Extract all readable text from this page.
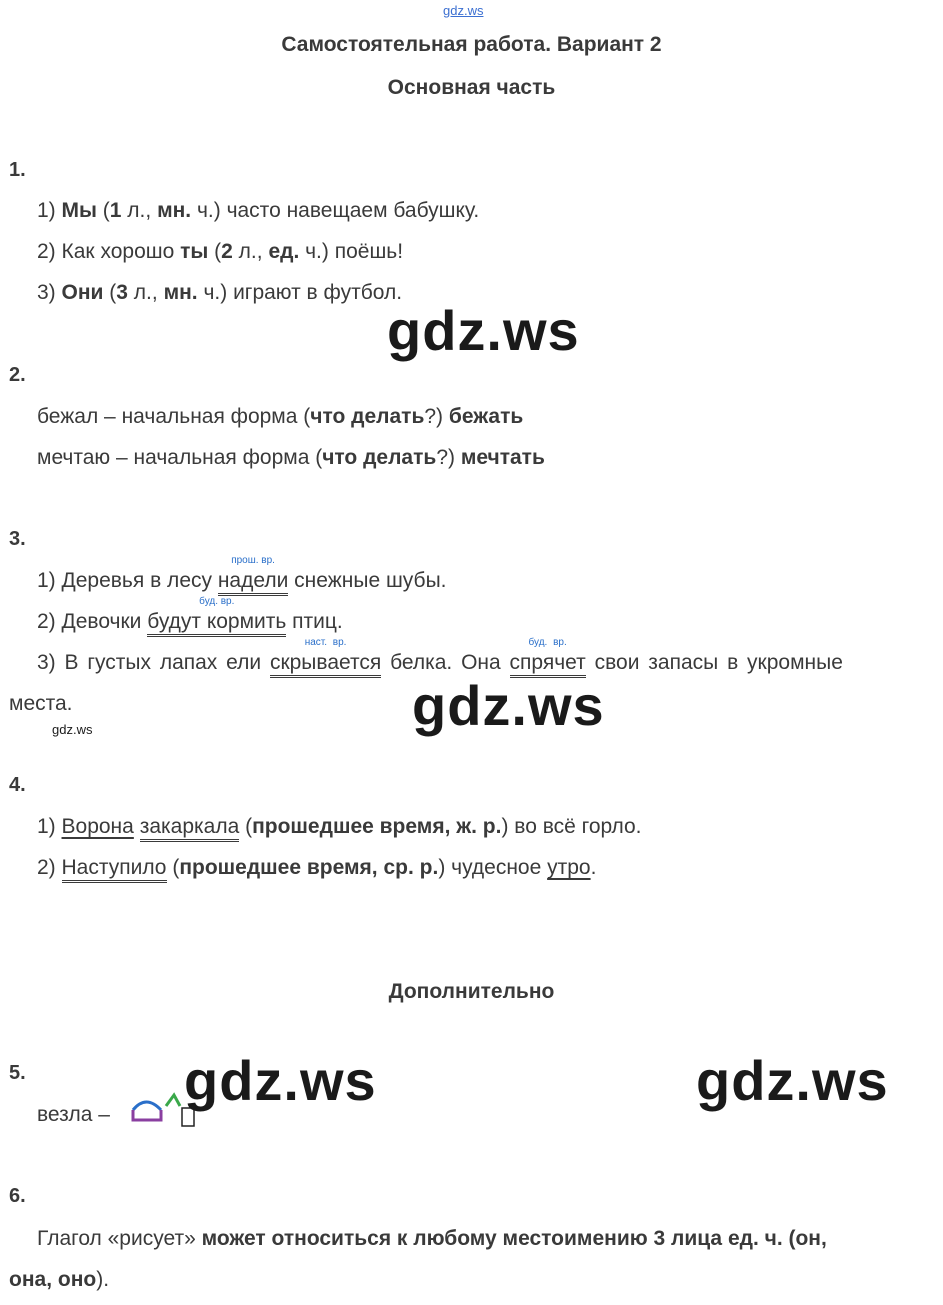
gdz.ws
Самостоятельная работа. Вариант 2
Основная часть
1.
1) Мы (1 л., мн. ч.) часто навещаем бабушку.
2) Как хорошо ты (2 л., ед. ч.) поёшь!
3) Они (3 л., мн. ч.) играют в футбол.
gdz.ws
2.
бежал – начальная форма (что делать?) бежать
мечтаю – начальная форма (что делать?) мечтать
3.
1) Деревья в лесу
прош. вр.
надели снежные шубы.
2) Девочки
буд. вр.
будут кормить птиц.
3) В густых лапах ели
наст. вр.
скрывается белка. Она
буд. вр.
спрячет свои запасы в укромные
места.	gdz.ws
gdz.ws
4.
1) Ворона закаркала (прошедшее время, ж. р.) во всё горло.
2) Наступило (прошедшее время, ср. р.) чудесное утро.
Дополнительно
5.
везла –
gdz.ws	gdz.ws
6.
Глагол «рисует» может относиться к любому местоимению 3 лица ед. ч. (он,
она, оно).
